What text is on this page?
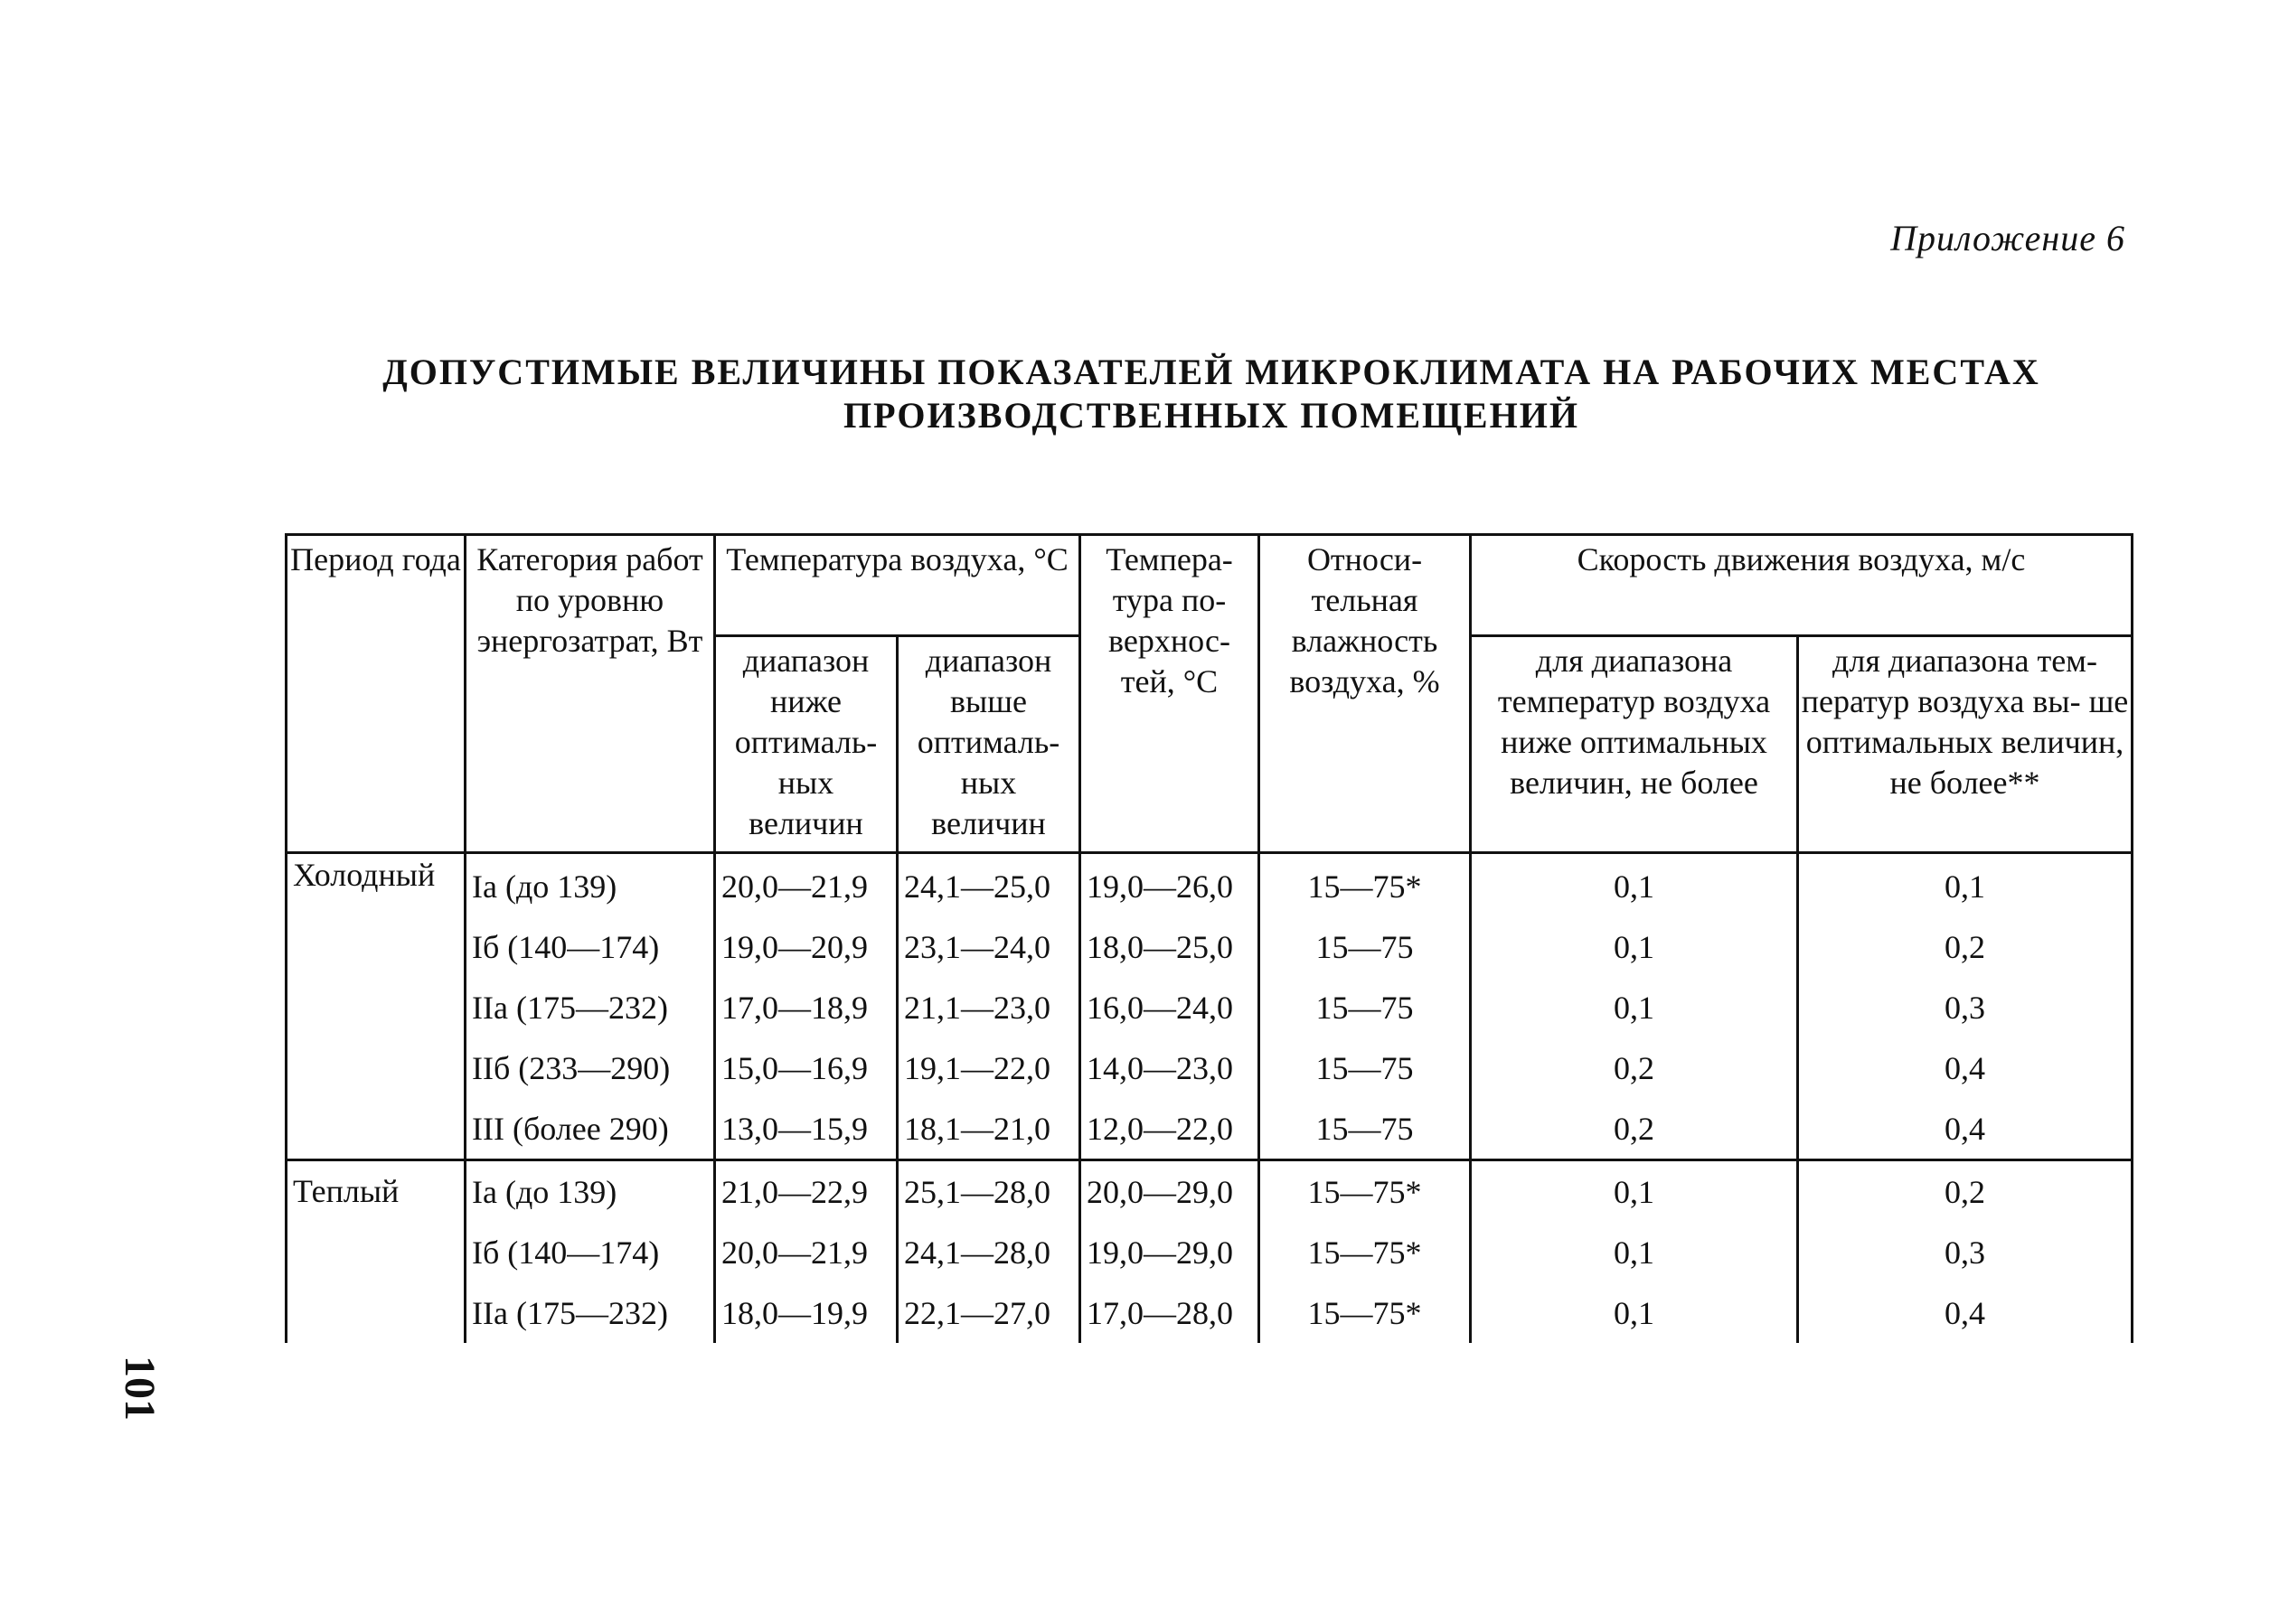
Приложение 6
ДОПУСТИМЫЕ ВЕЛИЧИНЫ ПОКАЗАТЕЛЕЙ МИКРОКЛИМАТА НА РАБОЧИХ МЕСТАХ
ПРОИЗВОДСТВЕННЫХ ПОМЕЩЕНИЙ
Период года	Категория работ по уровню энергозатрат, Вт	Температура воздуха, °C		Темпера- тура по- верхнос- тей, °C	Относи- тельная влажность воздуха, %	Скорость движения воздуха, м/с	
		диапазон ниже оптималь- ных величин	диапазон выше оптималь- ных величин			для диапазона температур воздуха ниже оптимальных величин, не более	для диапазона тем- ператур воздуха вы- ше оптимальных величин, не более**
Холодный	Iа (до 139)	20,0—21,9	24,1—25,0	19,0—26,0	15—75*	0,1	0,1
	Iб (140—174)	19,0—20,9	23,1—24,0	18,0—25,0	15—75	0,1	0,2
	IIа (175—232)	17,0—18,9	21,1—23,0	16,0—24,0	15—75	0,1	0,3
	IIб (233—290)	15,0—16,9	19,1—22,0	14,0—23,0	15—75	0,2	0,4
	III (более 290)	13,0—15,9	18,1—21,0	12,0—22,0	15—75	0,2	0,4
Теплый	Iа (до 139)	21,0—22,9	25,1—28,0	20,0—29,0	15—75*	0,1	0,2
	Iб (140—174)	20,0—21,9	24,1—28,0	19,0—29,0	15—75*	0,1	0,3
	IIа (175—232)	18,0—19,9	22,1—27,0	17,0—28,0	15—75*	0,1	0,4
101
